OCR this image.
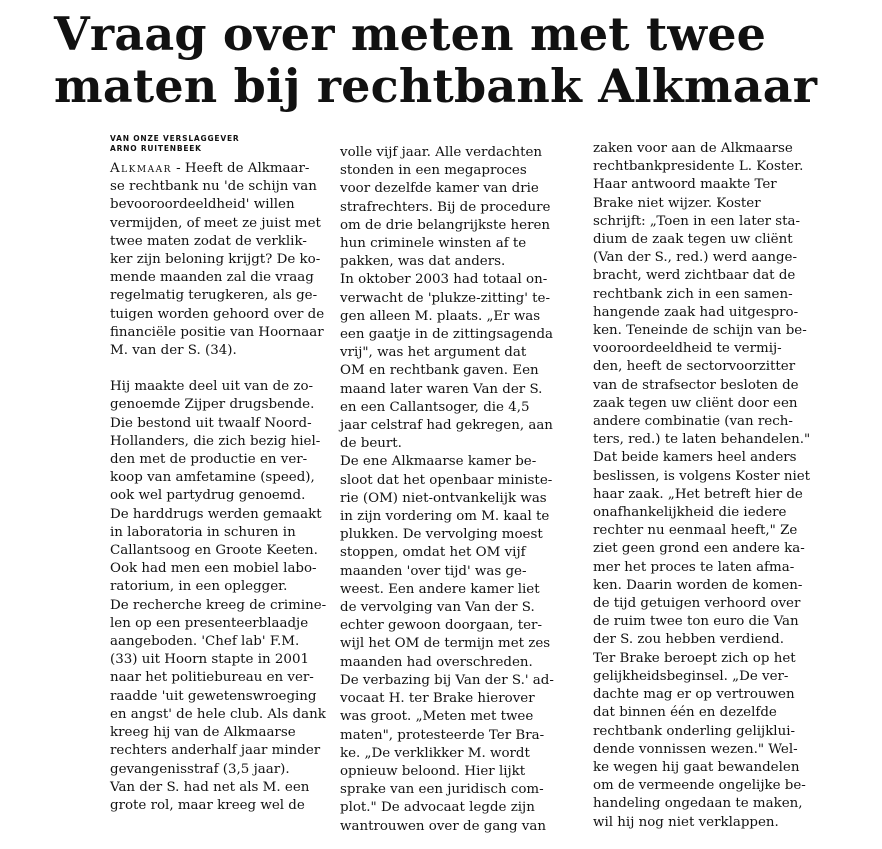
Vraag over meten met twee
maten bij rechtbank Alkmaar
VAN ONZE VERSLAGGEVER
ARNO RUITENBEEK
Alkmaar - Heeft de Alkmaar-
se rechtbank nu 'de schijn van
bevooroordeeldheid' willen
vermijden, of meet ze juist met
twee maten zodat de verklik-
ker zijn beloning krijgt? De ko-
mende maanden zal die vraag
regelmatig terugkeren, als ge-
tuigen worden gehoord over de
financiële positie van Hoornaar
M. van der S. (34).
Hij maakte deel uit van de zo-
genoemde Zijper drugsbende.
Die bestond uit twaalf Noord-
Hollanders, die zich bezig hiel-
den met de productie en ver-
koop van amfetamine (speed),
ook wel partydrug genoemd.
De harddrugs werden gemaakt
in laboratoria in schuren in
Callantsoog en Groote Keeten.
Ook had men een mobiel labo-
ratorium, in een oplegger.
De recherche kreeg de crimine-
len op een presenteerblaadje
aangeboden. 'Chef lab' F.M.
(33) uit Hoorn stapte in 2001
naar het politiebureau en ver-
raadde 'uit gewetenswroeging
en angst' de hele club. Als dank
kreeg hij van de Alkmaarse
rechters anderhalf jaar minder
gevangenisstraf (3,5 jaar).
Van der S. had net als M. een
grote rol, maar kreeg wel de
volle vijf jaar. Alle verdachten
stonden in een megaproces
voor dezelfde kamer van drie
strafrechters. Bij de procedure
om de drie belangrijkste heren
hun criminele winsten af te
pakken, was dat anders.
In oktober 2003 had totaal on-
verwacht de 'plukze-zitting' te-
gen alleen M. plaats. „Er was
een gaatje in de zittingsagenda
vrij", was het argument dat
OM en rechtbank gaven. Een
maand later waren Van der S.
en een Callantsoger, die 4,5
jaar celstraf had gekregen, aan
de beurt.
De ene Alkmaarse kamer be-
sloot dat het openbaar ministe-
rie (OM) niet-ontvankelijk was
in zijn vordering om M. kaal te
plukken. De vervolging moest
stoppen, omdat het OM vijf
maanden 'over tijd' was ge-
weest. Een andere kamer liet
de vervolging van Van der S.
echter gewoon doorgaan, ter-
wijl het OM de termijn met zes
maanden had overschreden.
De verbazing bij Van der S.' ad-
vocaat H. ter Brake hierover
was groot. „Meten met twee
maten", protesteerde Ter Bra-
ke. „De verklikker M. wordt
opnieuw beloond. Hier lijkt
sprake van een juridisch com-
plot." De advocaat legde zijn
wantrouwen over de gang van
zaken voor aan de Alkmaarse
rechtbankpresidente L. Koster.
Haar antwoord maakte Ter
Brake niet wijzer. Koster
schrijft: „Toen in een later sta-
dium de zaak tegen uw cliënt
(Van der S., red.) werd aange-
bracht, werd zichtbaar dat de
rechtbank zich in een samen-
hangende zaak had uitgespro-
ken. Teneinde de schijn van be-
vooroordeeldheid te vermij-
den, heeft de sectorvoorzitter
van de strafsector besloten de
zaak tegen uw cliënt door een
andere combinatie (van rech-
ters, red.) te laten behandelen."
Dat beide kamers heel anders
beslissen, is volgens Koster niet
haar zaak. „Het betreft hier de
onafhankelijkheid die iedere
rechter nu eenmaal heeft," Ze
ziet geen grond een andere ka-
mer het proces te laten afma-
ken. Daarin worden de komen-
de tijd getuigen verhoord over
de ruim twee ton euro die Van
der S. zou hebben verdiend.
Ter Brake beroept zich op het
gelijkheidsbeginsel. „De ver-
dachte mag er op vertrouwen
dat binnen één en dezelfde
rechtbank onderling gelijklui-
dende vonnissen wezen." Wel-
ke wegen hij gaat bewandelen
om de vermeende ongelijke be-
handeling ongedaan te maken,
wil hij nog niet verklappen.
